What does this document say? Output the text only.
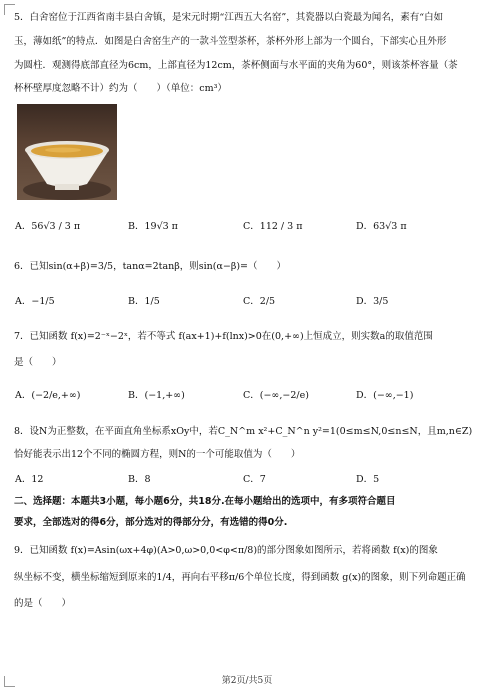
5．白舍窑位于江西省南丰县白舍镇，是宋元时期“江西五大名窑”，其瓷器以白瓷最为闻名，素有“白如
玉，薄如纸”的特点．如图是白舍窑生产的一款斗笠型茶杯，茶杯外形上部为一个圆台，下部实心且外形
为圆柱．观测得底部直径为6cm，上部直径为12cm，茶杯侧面与水平面的夹角为60°，则该茶杯容量（茶
杯杯壁厚度忽略不计）约为（　　）（单位：cm³）
A．56√3 / 3 π	B．19√3 π	C．112 / 3 π	D．63√3 π
6．已知sin(α+β)=3/5，tanα=2tanβ，则sin(α−β)=（　　）
A．−1/5	B．1/5	C．2/5	D．3/5
7．已知函数 f(x)=2⁻ˣ−2ˣ，若不等式 f(ax+1)+f(lnx)>0在(0,+∞)上恒成立，则实数a的取值范围
是（　　）
A．(−2/e,+∞)	B．(−1,+∞)	C．(−∞,−2/e)	D．(−∞,−1)
8．设N为正整数，在平面直角坐标系xOy中，若C_N^m x²+C_N^n y²=1(0≤m≤N,0≤n≤N，且m,n∈Z)
恰好能表示出12个不同的椭圆方程，则N的一个可能取值为（　　）
A．12	B．8	C．7	D．5
二、选择题：本题共3小题，每小题6分，共18分.在每小题给出的选项中，有多项符合题目
要求，全部选对的得6分，部分选对的得部分分，有选错的得0分.
9．已知函数 f(x)=Asin(ωx+4φ)(A>0,ω>0,0<φ<π/8)的部分图象如图所示，若将函数 f(x)的图象
纵坐标不变，横坐标缩短到原来的1/4，再向右平移π/6个单位长度，得到函数 g(x)的图象，则下列命题正确
的是（　　）
第2页/共5页
